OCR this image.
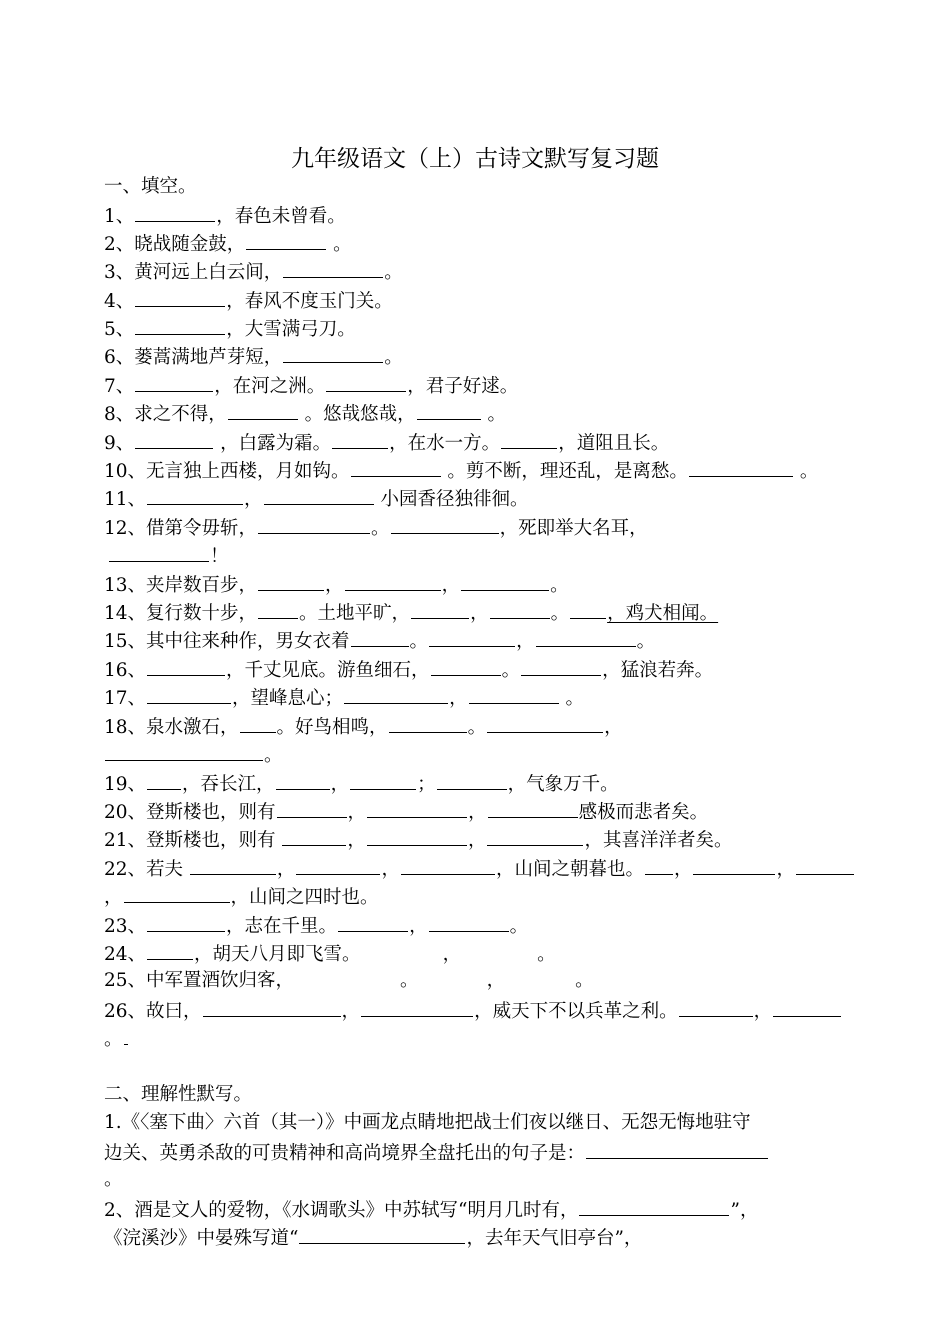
九年级语文（上）古诗文默写复习题
一、填空。
1、	，春色未曾看。
2、晓战随金鼓，	。
3、黄河远上白云间，	。
4、	，春风不度玉门关。
5、	，大雪满弓刀。
6、蒌蒿满地芦芽短，	。
7、	，在河之洲。	，君子好逑。
8、求之不得，	。悠哉悠哉，	。
9、	，白露为霜。	，在水一方。	，道阻且长。
10、无言独上西楼，月如钩。	。剪不断，理还乱，是离愁。	。
11、	，	小园香径独徘徊。
12、借第令毋斩，	。	，死即举大名耳，
！
13、夹岸数百步，	，	，	。
14、复行数十步， 。土地平旷，	，	。 ，鸡犬相闻。
15、其中往来种作，男女衣着	。	，	。
16、	，千丈见底。游鱼细石，	。	，猛浪若奔。
17、	，望峰息心；	，	。
18、泉水激石， 。好鸟相鸣，	。	，
。
19、 ，吞长江，	，	；	，气象万千。
20、登斯楼也，则有	，	，	感极而悲者矣。
21、登斯楼也，则有	，	，	，其喜洋洋者矣。
22、若夫	，	，	，山间之朝暮也。 ，	，
，	，山间之四时也。
23、	，志在千里。	，	。
24、	，胡天八月即飞雪。	，	。
25、中军置酒饮归客，	。	，	。
26、故曰，	，	，威天下不以兵革之利。	，
。
二、理解性默写。
1.《〈塞下曲〉六首（其一）》中画龙点睛地把战士们夜以继日、无怨无悔地驻守
边关、英勇杀敌的可贵精神和高尚境界全盘托出的句子是：
。
2、酒是文人的爱物，《水调歌头》中苏轼写“明月几时有，	”，
《浣溪沙》中晏殊写道“	，去年天气旧亭台”，
